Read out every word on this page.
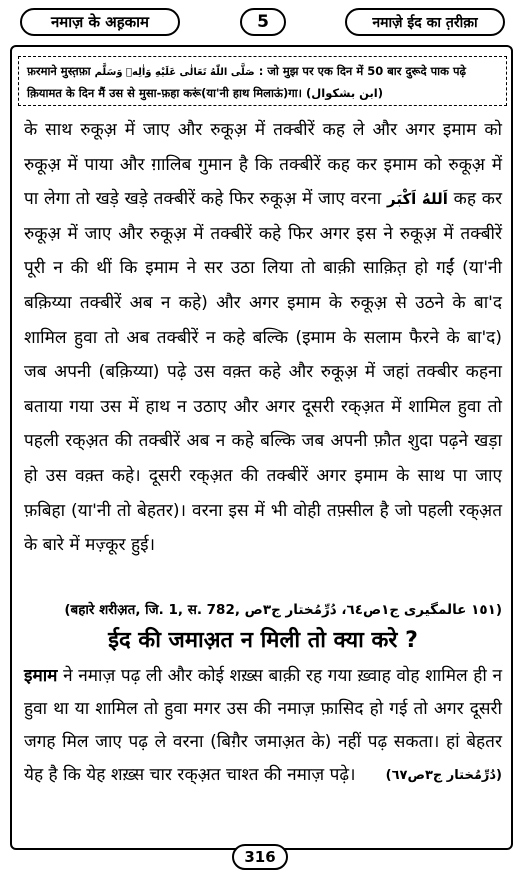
नमाज़ के अह़काम	5	नमाज़े ईद का त़रीक़ा
फ़रमाने मुस्त़फ़ा صَلَّى اللّٰهُ تَعَالٰى عَلَيْهِ وَاٰلِهٖ وَسَلَّم : जो मुझ पर एक दिन में 50 बार दुरूदे पाक पढ़े क़ियामत के दिन मैं उस से मुसा-फ़हा करूं(या'नी हाथ मिलाऊं)गा। (ابن بشکوال)

के साथ रुकूअ़ में जाए और रुकूअ़ में तक्बीरें कह ले और अगर इमाम को रुकूअ़ में पाया और ग़ालिब गुमान है कि तक्बीरें कह कर इमाम को रुकूअ़ में पा लेगा तो खड़े खड़े तक्बीरें कहे फिर रुकूअ़ में जाए वरना اَللهُ اَکْبَر कह कर रुकूअ़ में जाए और रुकूअ़ में तक्बीरें कहे फिर अगर इस ने रुकूअ़ में तक्बीरें पूरी न की थीं कि इमाम ने सर उठा लिया तो बाक़ी साक़ित़ हो गईं (या'नी बक़िय्या तक्बीरें अब न कहे) और अगर इमाम के रुकूअ़ से उठने के बा'द शामिल हुवा तो अब तक्बीरें न कहे बल्कि (इमाम के सलाम फैरने के बा'द) जब अपनी (बक़िय्या) पढ़े उस वक़्त कहे और रुकूअ़ में जहां तक्बीर कहना बताया गया उस में हाथ न उठाए और अगर दूसरी रक्अ़त में शामिल हुवा तो पहली रक्अ़त की तक्बीरें अब न कहे बल्कि जब अपनी फ़ौत शुदा पढ़ने खड़ा हो उस वक़्त कहे। दूसरी रक्अ़त की तक्बीरें अगर इमाम के साथ पा जाए फ़बिहा (या'नी तो बेहतर)। वरना इस में भी वोही तफ़्सील है जो पहली रक्अ़त के बारे में मज़्कूर हुई।

(बहारे शरीअ़त, जि. 1, स. 782, ١٥١ عالمگیری ج١ص٦٤، دُرِّمُختار ج٣ص)
ईद की जमाअ़त न मिली तो क्या करे ?

इमाम ने नमाज़ पढ़ ली और कोई शख़्स बाक़ी रह गया ख़्वाह वोह शामिल ही न हुवा था या शामिल तो हुवा मगर उस की नमाज़ फ़ासिद हो गई तो अगर दूसरी जगह मिल जाए पढ़ ले वरना (बिग़ैर जमाअ़त के) नहीं पढ़ सकता। हां बेहतर येह है कि येह शख़्स चार रक्अ़त चाश्त की नमाज़ पढ़े। (دُرِّمُختار ج٣ص٦٧)

316
